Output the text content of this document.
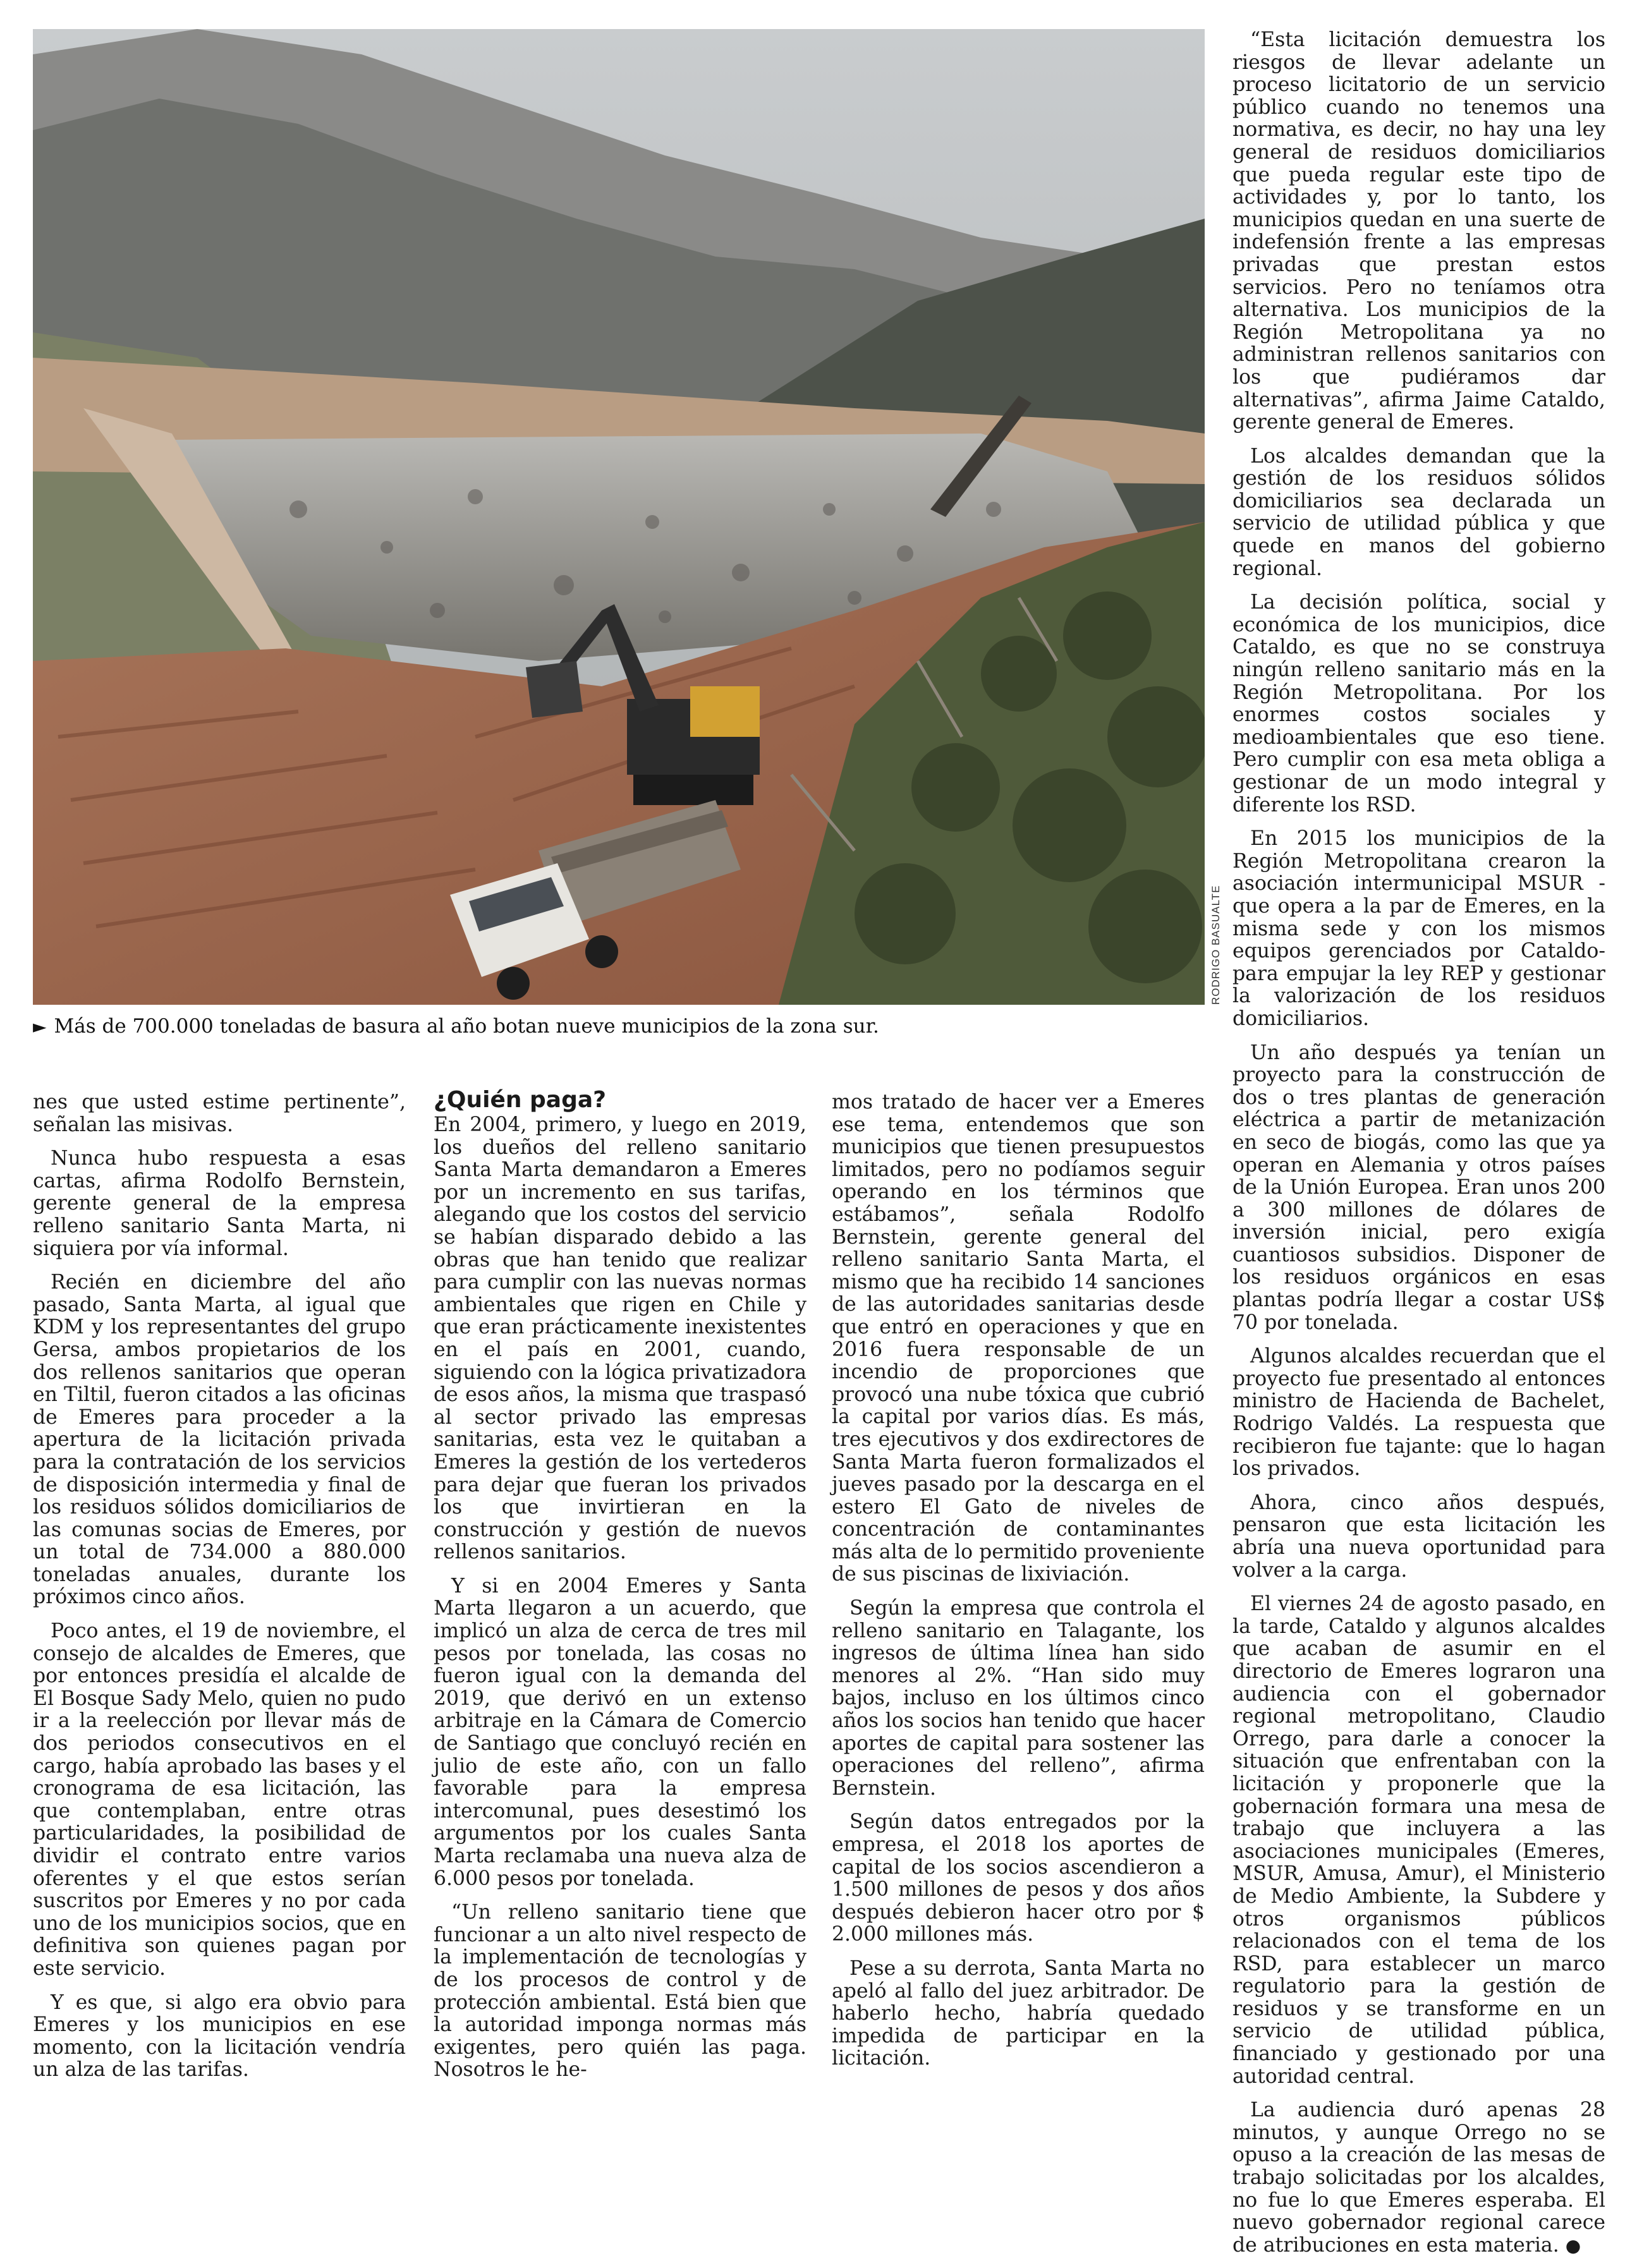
RODRIGO BASUALTE
► Más de 700.000 toneladas de basura al año botan nueve municipios de la zona sur.

nes que usted estime pertinente”, señalan las misivas.

Nunca hubo respuesta a esas cartas, afirma Rodolfo Bernstein, gerente general de la empresa relleno sanitario Santa Marta, ni siquiera por vía informal.

Recién en diciembre del año pasado, Santa Marta, al igual que KDM y los representantes del grupo Gersa, ambos propietarios de los dos rellenos sanitarios que operan en Tiltil, fueron citados a las oficinas de Emeres para proceder a la apertura de la licitación privada para la contratación de los servicios de disposición intermedia y final de los residuos sólidos domiciliarios de las comunas socias de Emeres, por un total de 734.000 a 880.000 toneladas anuales, durante los próximos cinco años.

Poco antes, el 19 de noviembre, el consejo de alcaldes de Emeres, que por entonces presidía el alcalde de El Bosque Sady Melo, quien no pudo ir a la reelección por llevar más de dos periodos consecutivos en el cargo, había aprobado las bases y el cronograma de esa licitación, las que contemplaban, entre otras particularidades, la posibilidad de dividir el contrato entre varios oferentes y el que estos serían suscritos por Emeres y no por cada uno de los municipios socios, que en definitiva son quienes pagan por este servicio.

Y es que, si algo era obvio para Emeres y los municipios en ese momento, con la licitación vendría un alza de las tarifas.

¿Quién paga?

En 2004, primero, y luego en 2019, los dueños del relleno sanitario Santa Marta demandaron a Emeres por un incremento en sus tarifas, alegando que los costos del servicio se habían disparado debido a las obras que han tenido que realizar para cumplir con las nuevas normas ambientales que rigen en Chile y que eran prácticamente inexistentes en el país en 2001, cuando, siguiendo con la lógica privatizadora de esos años, la misma que traspasó al sector privado las empresas sanitarias, esta vez le quitaban a Emeres la gestión de los vertederos para dejar que fueran los privados los que invirtieran en la construcción y gestión de nuevos rellenos sanitarios.

Y si en 2004 Emeres y Santa Marta llegaron a un acuerdo, que implicó un alza de cerca de tres mil pesos por tonelada, las cosas no fueron igual con la demanda del 2019, que derivó en un extenso arbitraje en la Cámara de Comercio de Santiago que concluyó recién en julio de este año, con un fallo favorable para la empresa intercomunal, pues desestimó los argumentos por los cuales Santa Marta reclamaba una nueva alza de 6.000 pesos por tonelada.

“Un relleno sanitario tiene que funcionar a un alto nivel respecto de la implementación de tecnologías y de los procesos de control y de protección ambiental. Está bien que la autoridad imponga normas más exigentes, pero quién las paga. Nosotros le he-

mos tratado de hacer ver a Emeres ese tema, entendemos que son municipios que tienen presupuestos limitados, pero no podíamos seguir operando en los términos que estábamos”, señala Rodolfo Bernstein, gerente general del relleno sanitario Santa Marta, el mismo que ha recibido 14 sanciones de las autoridades sanitarias desde que entró en operaciones y que en 2016 fuera responsable de un incendio de proporciones que provocó una nube tóxica que cubrió la capital por varios días. Es más, tres ejecutivos y dos exdirectores de Santa Marta fueron formalizados el jueves pasado por la descarga en el estero El Gato de niveles de concentración de contaminantes más alta de lo permitido proveniente de sus piscinas de lixiviación.

Según la empresa que controla el relleno sanitario en Talagante, los ingresos de última línea han sido menores al 2%. “Han sido muy bajos, incluso en los últimos cinco años los socios han tenido que hacer aportes de capital para sostener las operaciones del relleno”, afirma Bernstein.

Según datos entregados por la empresa, el 2018 los aportes de capital de los socios ascendieron a 1.500 millones de pesos y dos años después debieron hacer otro por $ 2.000 millones más.

Pese a su derrota, Santa Marta no apeló al fallo del juez arbitrador. De haberlo hecho, habría quedado impedida de participar en la licitación.

“Esta licitación demuestra los riesgos de llevar adelante un proceso licitatorio de un servicio público cuando no tenemos una normativa, es decir, no hay una ley general de residuos domiciliarios que pueda regular este tipo de actividades y, por lo tanto, los municipios quedan en una suerte de indefensión frente a las empresas privadas que prestan estos servicios. Pero no teníamos otra alternativa. Los municipios de la Región Metropolitana ya no administran rellenos sanitarios con los que pudiéramos dar alternativas”, afirma Jaime Cataldo, gerente general de Emeres.

Los alcaldes demandan que la gestión de los residuos sólidos domiciliarios sea declarada un servicio de utilidad pública y que quede en manos del gobierno regional.

La decisión política, social y económica de los municipios, dice Cataldo, es que no se construya ningún relleno sanitario más en la Región Metropolitana. Por los enormes costos sociales y medioambientales que eso tiene. Pero cumplir con esa meta obliga a gestionar de un modo integral y diferente los RSD.

En 2015 los municipios de la Región Metropolitana crearon la asociación intermunicipal MSUR -que opera a la par de Emeres, en la misma sede y con los mismos equipos gerenciados por Cataldo- para empujar la ley REP y gestionar la valorización de los residuos domiciliarios.

Un año después ya tenían un proyecto para la construcción de dos o tres plantas de generación eléctrica a partir de metanización en seco de biogás, como las que ya operan en Alemania y otros países de la Unión Europea. Eran unos 200 a 300 millones de dólares de inversión inicial, pero exigía cuantiosos subsidios. Disponer de los residuos orgánicos en esas plantas podría llegar a costar US$ 70 por tonelada.

Algunos alcaldes recuerdan que el proyecto fue presentado al entonces ministro de Hacienda de Bachelet, Rodrigo Valdés. La respuesta que recibieron fue tajante: que lo hagan los privados.

Ahora, cinco años después, pensaron que esta licitación les abría una nueva oportunidad para volver a la carga.

El viernes 24 de agosto pasado, en la tarde, Cataldo y algunos alcaldes que acaban de asumir en el directorio de Emeres lograron una audiencia con el gobernador regional metropolitano, Claudio Orrego, para darle a conocer la situación que enfrentaban con la licitación y proponerle que la gobernación formara una mesa de trabajo que incluyera a las asociaciones municipales (Emeres, MSUR, Amusa, Amur), el Ministerio de Medio Ambiente, la Subdere y otros organismos públicos relacionados con el tema de los RSD, para establecer un marco regulatorio para la gestión de residuos y se transforme en un servicio de utilidad pública, financiado y gestionado por una autoridad central.

La audiencia duró apenas 28 minutos, y aunque Orrego no se opuso a la creación de las mesas de trabajo solicitadas por los alcaldes, no fue lo que Emeres esperaba. El nuevo gobernador regional carece de atribuciones en esta materia. ●
